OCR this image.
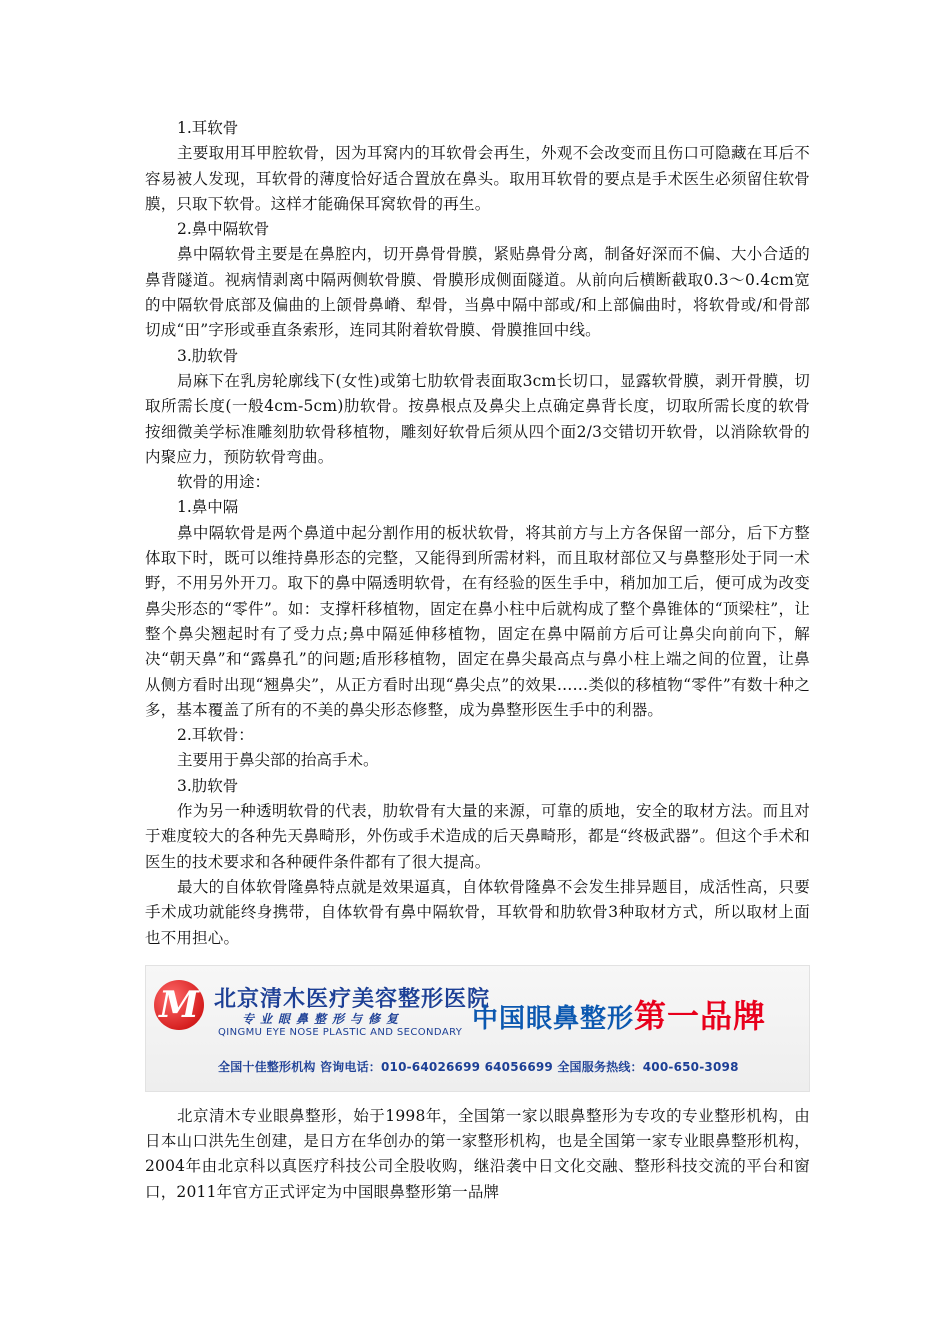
1.耳软骨

主要取用耳甲腔软骨，因为耳窝内的耳软骨会再生，外观不会改变而且伤口可隐藏在耳后不容易被人发现，耳软骨的薄度恰好适合置放在鼻头。取用耳软骨的要点是手术医生必须留住软骨膜，只取下软骨。这样才能确保耳窝软骨的再生。

2.鼻中隔软骨

鼻中隔软骨主要是在鼻腔内，切开鼻骨骨膜，紧贴鼻骨分离，制备好深而不偏、大小合适的鼻背隧道。视病情剥离中隔两侧软骨膜、骨膜形成侧面隧道。从前向后横断截取0.3～0.4cm宽的中隔软骨底部及偏曲的上颌骨鼻嵴、犁骨，当鼻中隔中部或/和上部偏曲时，将软骨或/和骨部切成“田”字形或垂直条索形，连同其附着软骨膜、骨膜推回中线。

3.肋软骨

局麻下在乳房轮廓线下(女性)或第七肋软骨表面取3cm长切口，显露软骨膜，剥开骨膜，切取所需长度(一般4cm-5cm)肋软骨。按鼻根点及鼻尖上点确定鼻背长度，切取所需长度的软骨按细微美学标准雕刻肋软骨移植物，雕刻好软骨后须从四个面2/3交错切开软骨，以消除软骨的内聚应力，预防软骨弯曲。

软骨的用途：

1.鼻中隔

鼻中隔软骨是两个鼻道中起分割作用的板状软骨，将其前方与上方各保留一部分，后下方整体取下时，既可以维持鼻形态的完整，又能得到所需材料，而且取材部位又与鼻整形处于同一术野，不用另外开刀。取下的鼻中隔透明软骨，在有经验的医生手中，稍加加工后，便可成为改变鼻尖形态的“零件”。如：支撑杆移植物，固定在鼻小柱中后就构成了整个鼻锥体的“顶梁柱”，让整个鼻尖翘起时有了受力点;鼻中隔延伸移植物，固定在鼻中隔前方后可让鼻尖向前向下，解决“朝天鼻”和“露鼻孔”的问题;盾形移植物，固定在鼻尖最高点与鼻小柱上端之间的位置，让鼻从侧方看时出现“翘鼻尖”，从正方看时出现“鼻尖点”的效果……类似的移植物“零件”有数十种之多，基本覆盖了所有的不美的鼻尖形态修整，成为鼻整形医生手中的利器。

2.耳软骨：

主要用于鼻尖部的抬高手术。

3.肋软骨

作为另一种透明软骨的代表，肋软骨有大量的来源，可靠的质地，安全的取材方法。而且对于难度较大的各种先天鼻畸形，外伤或手术造成的后天鼻畸形，都是“终极武器”。但这个手术和医生的技术要求和各种硬件条件都有了很大提高。

最大的自体软骨隆鼻特点就是效果逼真，自体软骨隆鼻不会发生排异题目，成活性高，只要手术成功就能终身携带，自体软骨有鼻中隔软骨，耳软骨和肋软骨3种取材方式，所以取材上面也不用担心。

M 北京清木医疗美容整形医院
专业眼鼻整形与修复
QINGMU EYE NOSE PLASTIC AND SECONDARY 中国眼鼻整形第一品牌
全国十佳整形机构 咨询电话：010-64026699 64056699 全国服务热线：400-650-3098

北京清木专业眼鼻整形，始于1998年，全国第一家以眼鼻整形为专攻的专业整形机构，由日本山口洪先生创建，是日方在华创办的第一家整形机构，也是全国第一家专业眼鼻整形机构，2004年由北京科以真医疗科技公司全股收购，继沿袭中日文化交融、整形科技交流的平台和窗口，2011年官方正式评定为中国眼鼻整形第一品牌
